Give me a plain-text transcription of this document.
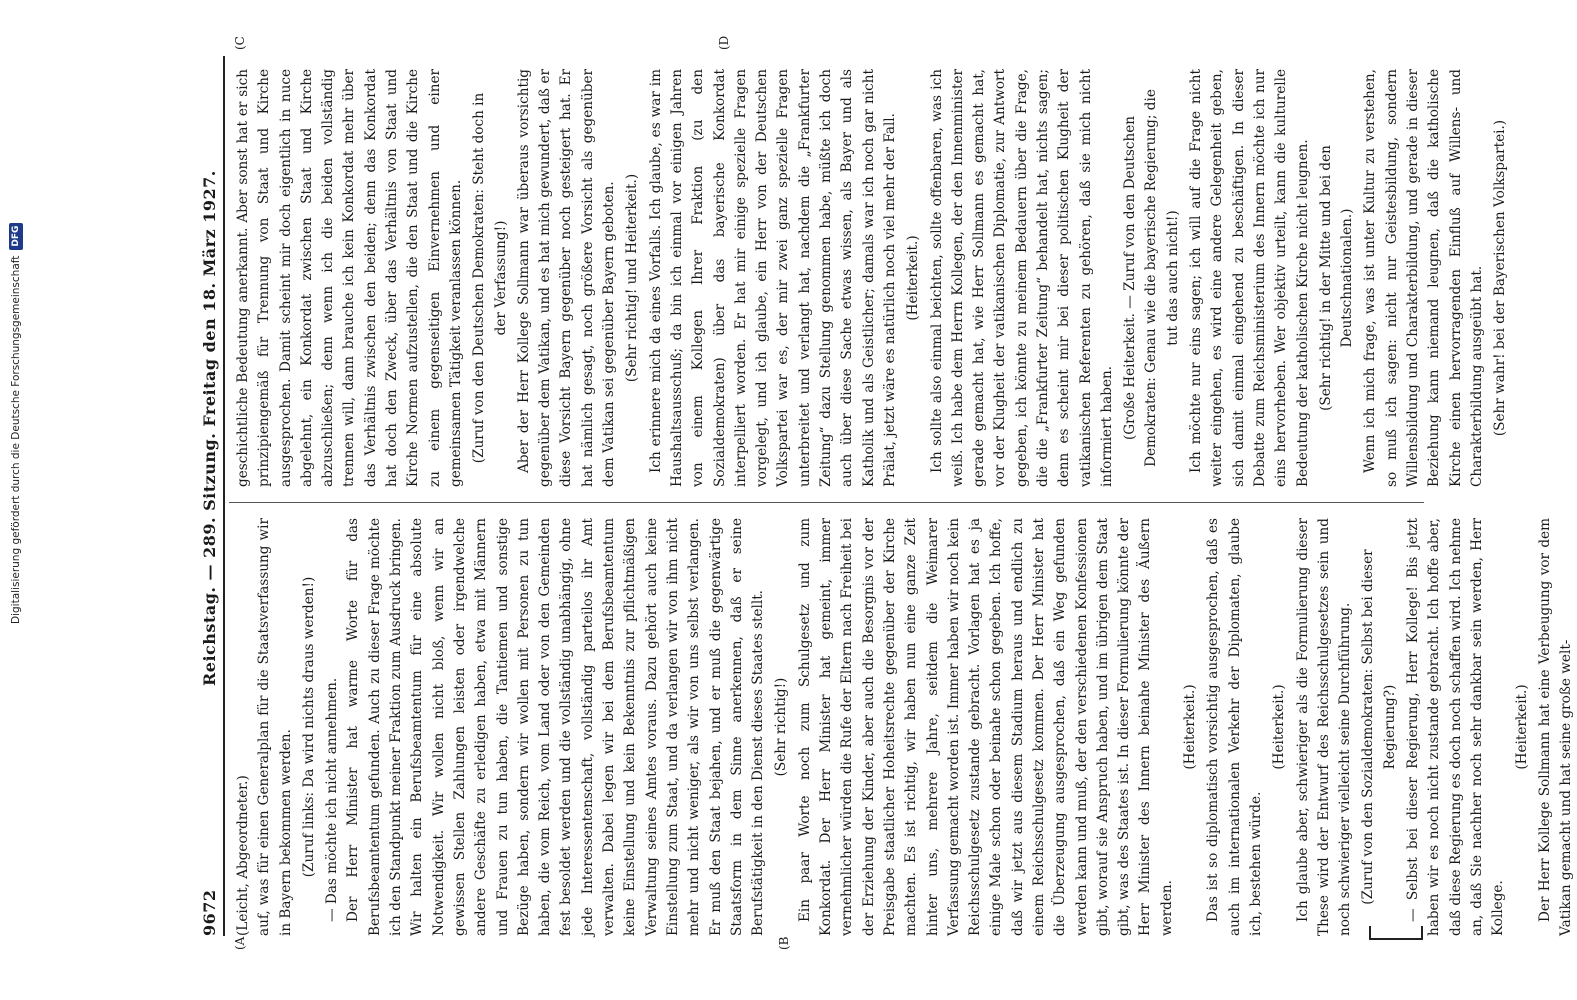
9672
Reichstag. — 289. Sitzung. Freitag den 18. März 1927.
(A	(B
(C	(D

(Leicht, Abgeordneter.) auf, was für einen Generalplan für die Staatsverfassung wir in Bayern bekommen werden. (Zuruf links: Da wird nichts draus werden!) — Das möchte ich nicht annehmen. Der Herr Minister hat warme Worte für das Berufsbeamtentum gefunden. Auch zu dieser Frage möchte ich den Standpunkt meiner Fraktion zum Ausdruck bringen. Wir halten ein Berufsbeamtentum für eine absolute Notwendigkeit. Wir wollen nicht bloß, wenn wir an gewissen Stellen Zahlungen leisten oder irgendwelche andere Geschäfte zu erledigen haben, etwa mit Männern und Frauen zu tun haben, die Tantiemen und sonstige Bezüge haben, sondern wir wollen mit Personen zu tun haben, die vom Reich, vom Land oder von den Gemeinden fest besoldet werden und die vollständig unabhängig, ohne jede Interessentenschaft, vollständig parteilos ihr Amt verwalten. Dabei legen wir bei dem Berufsbeamtentum keine Einstellung und kein Bekenntnis zur pflichtmäßigen Verwaltung seines Amtes voraus. Dazu gehört auch keine Einstellung zum Staat, und da verlangen wir von ihm nicht mehr und nicht weniger, als wir von uns selbst verlangen. Er muß den Staat bejahen, und er muß die gegenwärtige Staatsform in dem Sinne anerkennen, daß er seine Berufstätigkeit in den Dienst dieses Staates stellt. (Sehr richtig!) Ein paar Worte noch zum Schulgesetz und zum Konkordat. Der Herr Minister hat gemeint, immer vernehmlicher würden die Rufe der Eltern nach Freiheit bei der Erziehung der Kinder, aber auch die Besorgnis vor der Preisgabe staatlicher Hoheitsrechte gegenüber der Kirche machten. Es ist richtig, wir haben nun eine ganze Zeit hinter uns, mehrere Jahre, seitdem die Weimarer Verfassung gemacht worden ist. Immer haben wir noch kein Reichsschulgesetz zustande gebracht. Vorlagen hat es ja einige Male schon oder beinahe schon gegeben. Ich hoffe, daß wir jetzt aus diesem Stadium heraus und endlich zu einem Reichsschulgesetz kommen. Der Herr Minister hat die Überzeugung ausgesprochen, daß ein Weg gefunden werden kann und muß, der den verschiedenen Konfessionen gibt, worauf sie Anspruch haben, und im übrigen dem Staat gibt, was des Staates ist. In dieser Formulierung könnte der Herr Minister des Innern beinahe Minister des Äußern werden.

(Heiterkeit.) Das ist so diplomatisch vorsichtig ausgesprochen, daß es auch im internationalen Verkehr der Diplomaten, glaube ich, bestehen würde.

(Heiterkeit.) Ich glaube aber, schwieriger als die Formulierung dieser These wird der Entwurf des Reichsschulgesetzes sein und noch schwieriger vielleicht seine Durchführung. (Zuruf von den Sozialdemokraten: Selbst bei dieser Regierung?) — Selbst bei dieser Regierung, Herr Kollege! Bis jetzt haben wir es noch nicht zustande gebracht. Ich hoffe aber, daß diese Regierung es doch noch schaffen wird. Ich nehme an, daß Sie nachher noch sehr dankbar sein werden, Herr Kollege.

(Heiterkeit.) Der Herr Kollege Sollmann hat eine Verbeugung vor dem Vatikan gemacht und hat seine große welt-

geschichtliche Bedeutung anerkannt. Aber sonst hat er sich prinzipiengemäß für Trennung von Staat und Kirche ausgesprochen. Damit scheint mir doch eigentlich in nuce abgelehnt, ein Konkordat zwischen Staat und Kirche abzuschließen; denn wenn ich die beiden vollständig trennen will, dann brauche ich kein Konkordat mehr über das Verhältnis zwischen den beiden; denn das Konkordat hat doch den Zweck, über das Verhältnis von Staat und Kirche Normen aufzustellen, die den Staat und die Kirche zu einem gegenseitigen Einvernehmen und einer gemeinsamen Tätigkeit veranlassen können. (Zuruf von den Deutschen Demokraten: Steht doch in der Verfassung!) Aber der Herr Kollege Sollmann war überaus vorsichtig gegenüber dem Vatikan, und es hat mich gewundert, daß er diese Vorsicht Bayern gegenüber noch gesteigert hat. Er hat nämlich gesagt, noch größere Vorsicht als gegenüber dem Vatikan sei gegenüber Bayern geboten. (Sehr richtig! und Heiterkeit.) Ich erinnere mich da eines Vorfalls. Ich glaube, es war im Haushaltsausschuß; da bin ich einmal vor einigen Jahren von einem Kollegen Ihrer Fraktion (zu den Sozialdemokraten) über das bayerische Konkordat interpelliert worden. Er hat mir einige spezielle Fragen vorgelegt, und ich glaube, ein Herr von der Deutschen Volkspartei war es, der mir zwei ganz spezielle Fragen unterbreitet und verlangt hat, nachdem die „Frankfurter Zeitung“ dazu Stellung genommen habe, müßte ich doch auch über diese Sache etwas wissen, als Bayer und als Katholik und als Geistlicher; damals war ich noch gar nicht Prälat, jetzt wäre es natürlich noch viel mehr der Fall. (Heiterkeit.) Ich sollte also einmal beichten, sollte offenbaren, was ich weiß. Ich habe dem Herrn Kollegen, der den Innenminister gerade gemacht hat, wie Herr Sollmann es gemacht hat, vor der Klugheit der vatikanischen Diplomatie, zur Antwort gegeben, ich könnte zu meinem Bedauern über die Frage, die die „Frankfurter Zeitung“ behandelt hat, nichts sagen; denn es scheint mir bei dieser politischen Klugheit der vatikanischen Referenten zu gehören, daß sie mich nicht informiert haben. (Große Heiterkeit. — Zuruf von den Deutschen Demokraten: Genau wie die bayerische Regierung; die tut das auch nicht!) Ich möchte nur eins sagen; ich will auf die Frage nicht weiter eingehen, es wird eine andere Gelegenheit geben, sich damit einmal eingehend zu beschäftigen. In dieser Debatte zum Reichsministerium des Innern möchte ich nur eins hervorheben. Wer objektiv urteilt, kann die kulturelle Bedeutung der katholischen Kirche nicht leugnen. (Sehr richtig! in der Mitte und bei den Deutschnationalen.) Wenn ich mich frage, was ist unter Kultur zu verstehen, so muß ich sagen: nicht nur Geistesbildung, sondern Willensbildung und Charakterbildung, und gerade in dieser Beziehung kann niemand leugnen, daß die katholische Kirche einen hervorragenden Einfluß auf Willens- und Charakterbildung ausgeübt hat. (Sehr wahr! bei der Bayerischen Volkspartei.)

Digitalisierung gefördert durch die Deutsche Forschungsgemeinschaft
DFG
